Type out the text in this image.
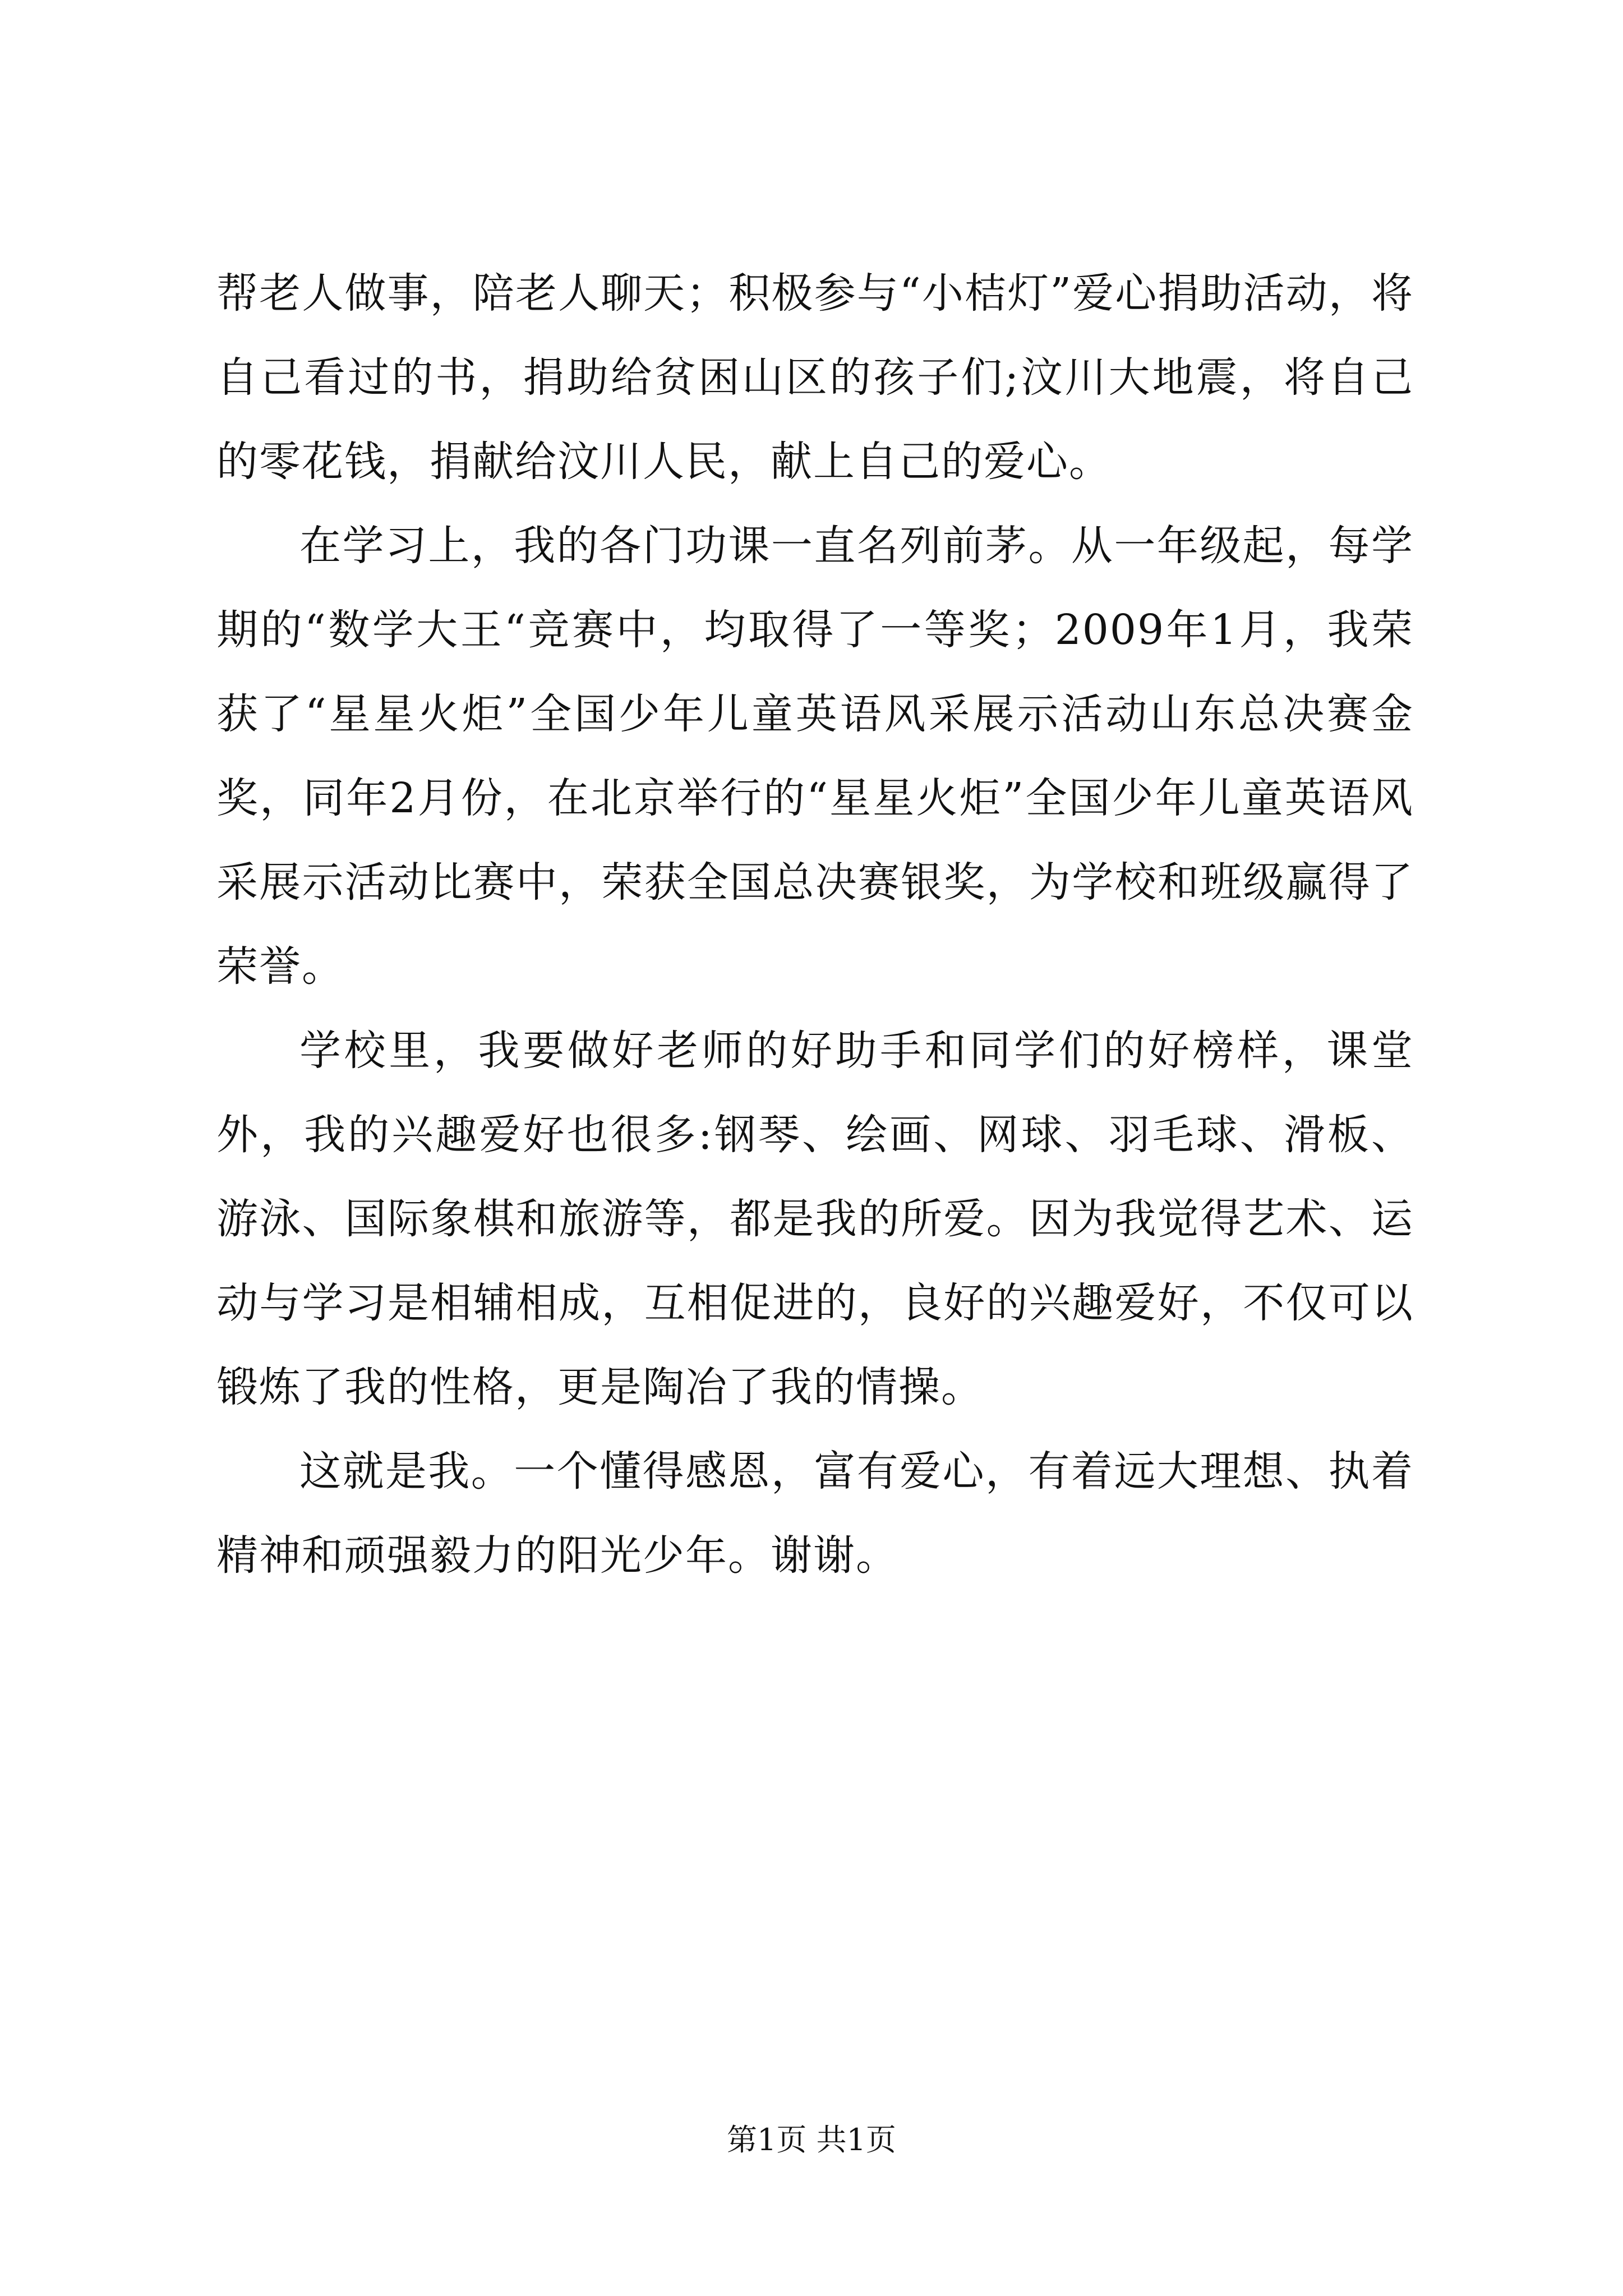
帮老人做事，陪老人聊天；积极参与“小桔灯”爱心捐助活动，将自己看过的书，捐助给贫困山区的孩子们;汶川大地震，将自己的零花钱，捐献给汶川人民，献上自己的爱心。

在学习上，我的各门功课一直名列前茅。从一年级起，每学期的“数学大王“竞赛中，均取得了一等奖；2009年1月，我荣获了“星星火炬”全国少年儿童英语风采展示活动山东总决赛金奖，同年2月份，在北京举行的“星星火炬”全国少年儿童英语风采展示活动比赛中，荣获全国总决赛银奖，为学校和班级赢得了荣誉。

学校里，我要做好老师的好助手和同学们的好榜样，课堂外，我的兴趣爱好也很多:钢琴、绘画、网球、羽毛球、滑板、游泳、国际象棋和旅游等，都是我的所爱。因为我觉得艺术、运动与学习是相辅相成，互相促进的，良好的兴趣爱好，不仅可以锻炼了我的性格，更是陶冶了我的情操。

这就是我。一个懂得感恩，富有爱心，有着远大理想、执着精神和顽强毅力的阳光少年。谢谢。

第1页 共1页
